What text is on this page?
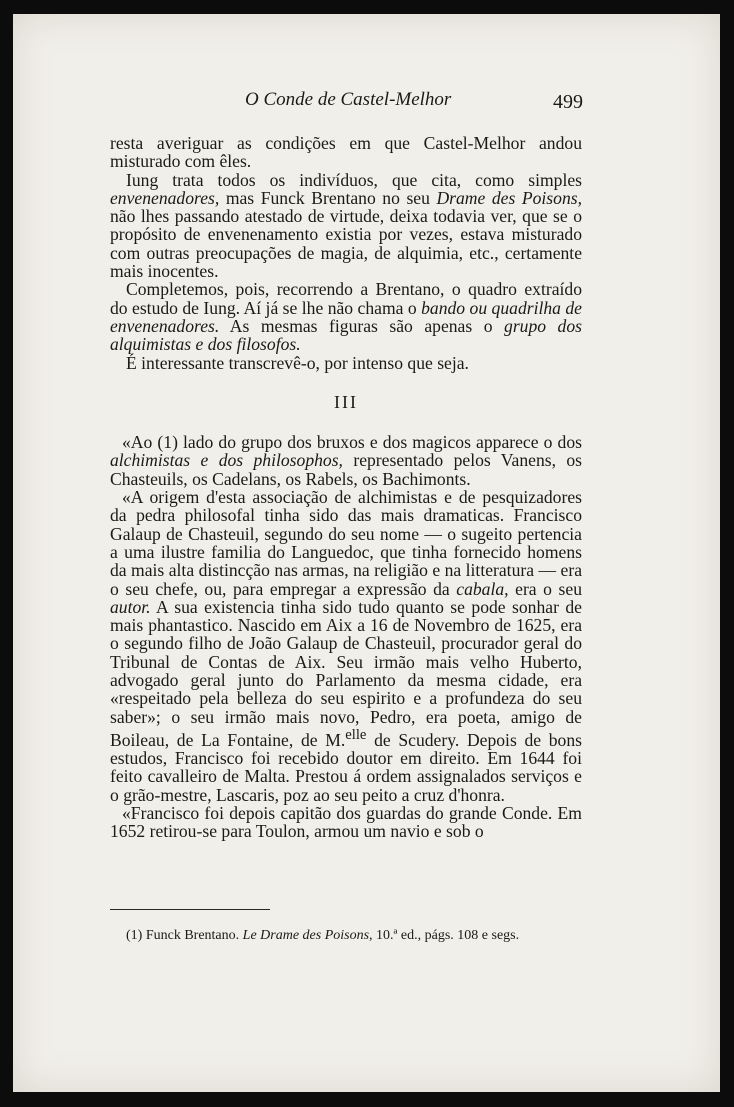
O Conde de Castel-Melhor	499

resta averiguar as condições em que Castel-Melhor andou misturado com êles.

Iung trata todos os indivíduos, que cita, como simples envenenadores, mas Funck Brentano no seu Drame des Poisons, não lhes passando atestado de virtude, deixa todavia ver, que se o propósito de envenenamento existia por vezes, estava misturado com outras preocupações de magia, de alquimia, etc., certamente mais inocentes.

Completemos, pois, recorrendo a Brentano, o quadro extraído do estudo de Iung. Aí já se lhe não chama o bando ou quadrilha de envenenadores. As mesmas figuras são apenas o grupo dos alquimistas e dos filosofos.

É interessante transcrevê-o, por intenso que seja.

III

«Ao (1) lado do grupo dos bruxos e dos magicos apparece o dos alchimistas e dos philosophos, representado pelos Vanens, os Chasteuils, os Cadelans, os Rabels, os Bachimonts.

«A origem d'esta associação de alchimistas e de pesquizadores da pedra philosofal tinha sido das mais dramaticas. Francisco Galaup de Chasteuil, segundo do seu nome — o sugeito pertencia a uma ilustre familia do Languedoc, que tinha fornecido homens da mais alta distincção nas armas, na religião e na litteratura — era o seu chefe, ou, para empregar a expressão da cabala, era o seu autor. A sua existencia tinha sido tudo quanto se pode sonhar de mais phantastico. Nascido em Aix a 16 de Novembro de 1625, era o segundo filho de João Galaup de Chasteuil, procurador geral do Tribunal de Contas de Aix. Seu irmão mais velho Huberto, advogado geral junto do Parlamento da mesma cidade, era «respeitado pela belleza do seu espirito e a profundeza do seu saber»; o seu irmão mais novo, Pedro, era poeta, amigo de Boileau, de La Fontaine, de M.$^{elle}$ de Scudery. Depois de bons estudos, Francisco foi recebido doutor em direito. Em 1644 foi feito cavalleiro de Malta. Prestou á ordem assignalados serviços e o grão-mestre, Lascaris, poz ao seu peito a cruz d'honra.

«Francisco foi depois capitão dos guardas do grande Conde. Em 1652 retirou-se para Toulon, armou um navio e sob o

(1) Funck Brentano. Le Drame des Poisons, 10.ª ed., págs. 108 e segs.
